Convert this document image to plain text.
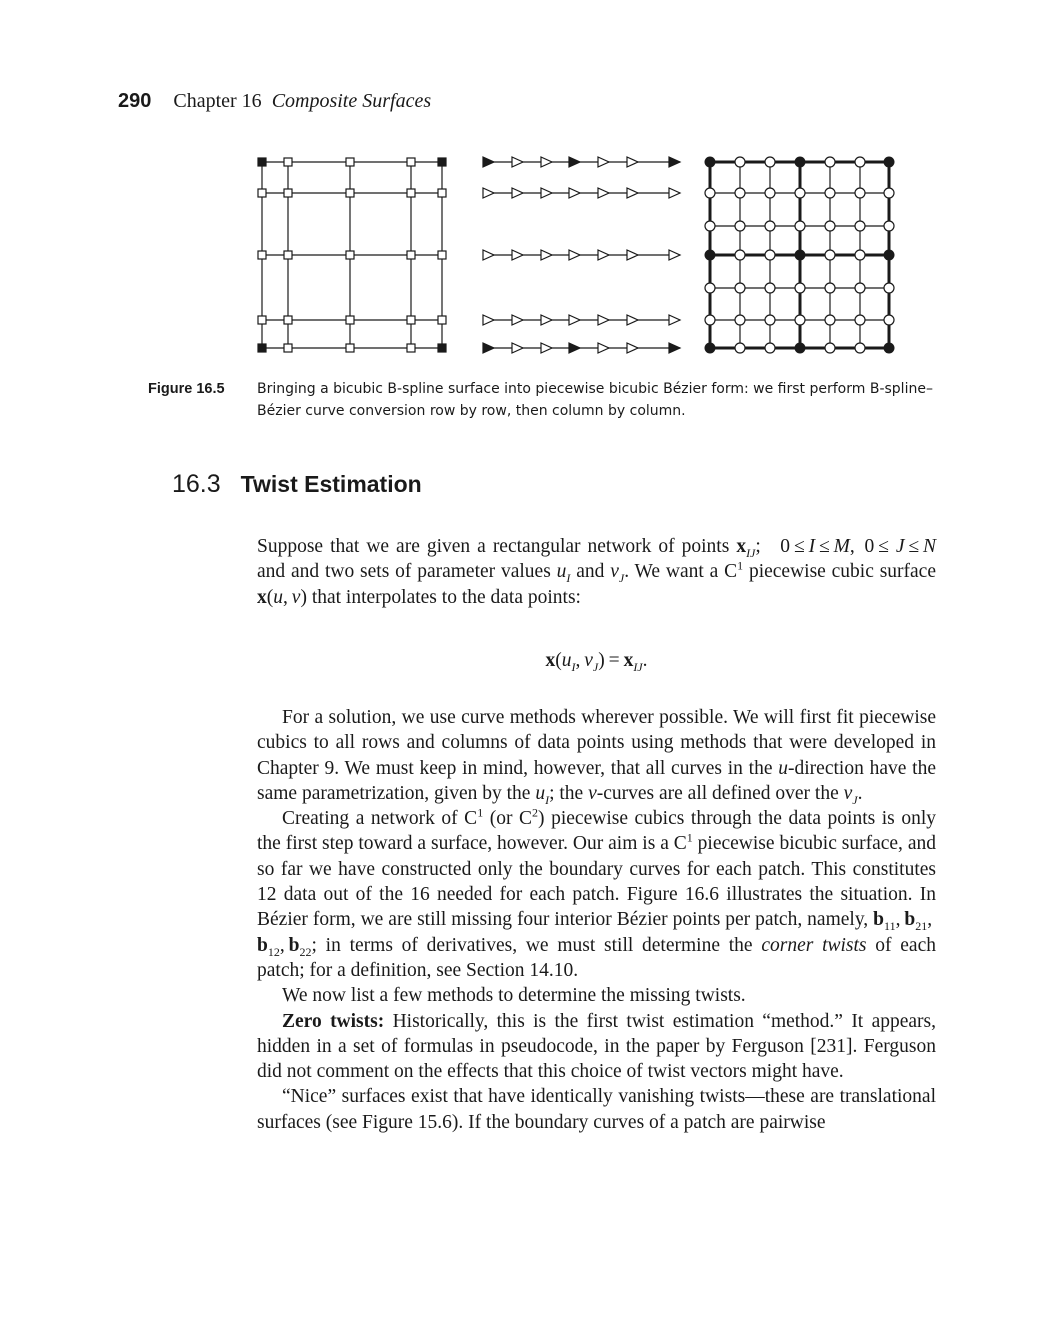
290 Chapter 16  Composite Surfaces
Figure 16.5 Bringing a bicubic B-spline surface into piecewise bicubic Bézier form: we first perform B-spline–Bézier curve conversion row by row, then column by column.
16.3 Twist Estimation

Suppose that we are given a rectangular network of points $x_{IJ}$; 0 ≤ I ≤ M, 0 ≤ J ≤ N and and two sets of parameter values $u_I$ and $v_J$. We want a $C^1$ piecewise cubic surface x(u, v) that interpolates to the data points:

$x(u_I$, $v_J) = x_{IJ}$.

For a solution, we use curve methods wherever possible. We will first fit piecewise cubics to all rows and columns of data points using methods that were developed in Chapter 9. We must keep in mind, however, that all curves in the u-direction have the same parametrization, given by the $u_I$; the v-curves are all defined over the $v_J$.

Creating a network of $C^1$ (or $C^2$) piecewise cubics through the data points is only the first step toward a surface, however. Our aim is a $C^1$ piecewise bicubic surface, and so far we have constructed only the boundary curves for each patch. This constitutes 12 data out of the 16 needed for each patch. Figure 16.6 illustrates the situation. In Bézier form, we are still missing four interior Bézier points per patch, namely, $b_{11}$, $b_{21}$, $b_{12}$, $b_{22}$; in terms of derivatives, we must still determine the corner twists of each patch; for a definition, see Section 14.10.

We now list a few methods to determine the missing twists.

Zero twists: Historically, this is the first twist estimation “method.” It appears, hidden in a set of formulas in pseudocode, in the paper by Ferguson [231]. Ferguson did not comment on the effects that this choice of twist vectors might have.

“Nice” surfaces exist that have identically vanishing twists—these are translational surfaces (see Figure 15.6). If the boundary curves of a patch are pairwise
